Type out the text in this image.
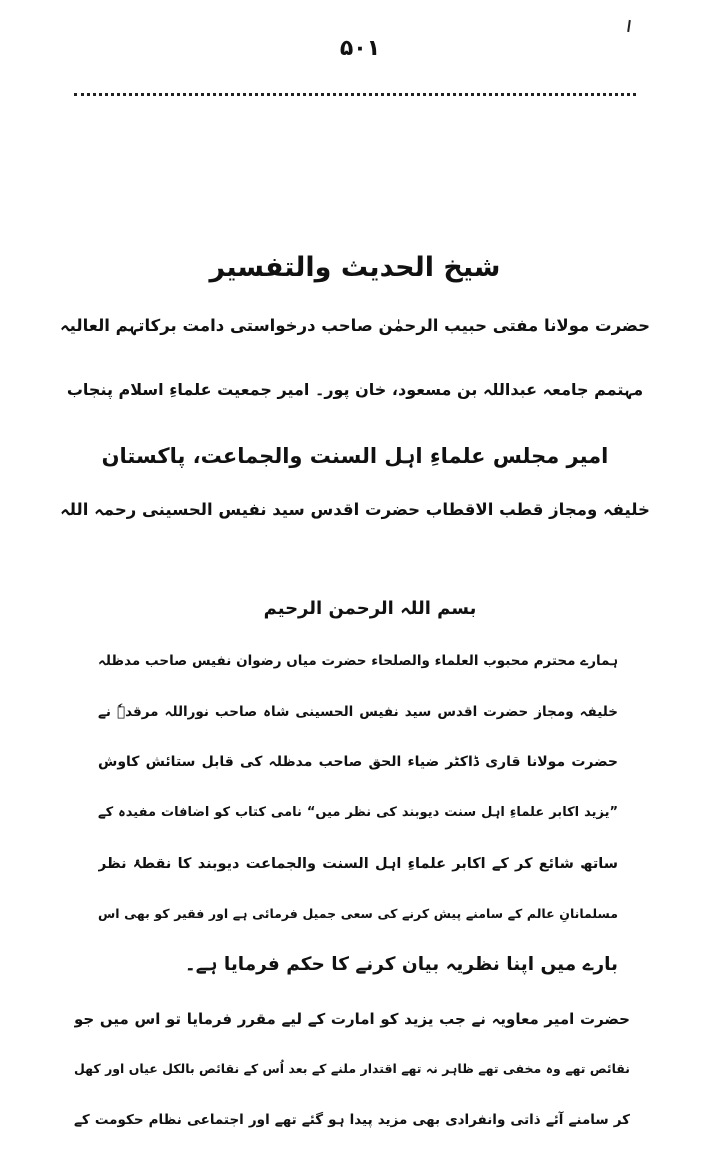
۵۰۱
شیخ الحدیث والتفسیر
حضرت مولانا مفتی حبیب الرحمٰن صاحب درخواستی دامت برکاتہم العالیہ
مہتمم جامعہ عبداللہ بن مسعود، خان پور۔ امیر جمعیت علماءِ اسلام پنجاب
امیر مجلس علماءِ اہل السنت والجماعت، پاکستان
خلیفہ ومجاز قطب الاقطاب حضرت اقدس سید نفیس الحسینی رحمہ اللہ
بسم اللہ الرحمن الرحیم
ہمارے محترم محبوب العلماء والصلحاء حضرت میاں رضوان نفیس صاحب مدظلہ
خلیفہ ومجاز حضرت اقدس سید نفیس الحسینی شاہ صاحب نوراللہ مرقدہٗ نے
حضرت مولانا قاری ڈاکٹر ضیاء الحق صاحب مدظلہ کی قابل ستائش کاوش
”یزید اکابر علماءِ اہل سنت دیوبند کی نظر میں“ نامی کتاب کو اضافات مفیدہ کے
ساتھ شائع کر کے اکابر علماءِ اہل السنت والجماعت دیوبند کا نقطۂ نظر
مسلمانانِ عالم کے سامنے پیش کرنے کی سعی جمیل فرمائی ہے اور فقیر کو بھی اس
بارے میں اپنا نظریہ بیان کرنے کا حکم فرمایا ہے۔
حضرت امیر معاویہ نے جب یزید کو امارت کے لیے مقرر فرمایا تو اس میں جو
نقائص تھے وہ مخفی تھے ظاہر نہ تھے اقتدار ملنے کے بعد اُس کے نقائص بالکل عیاں اور کھل
کر سامنے آئے ذاتی وانفرادی بھی مزید پیدا ہو گئے تھے اور اجتماعی نظام حکومت کے
